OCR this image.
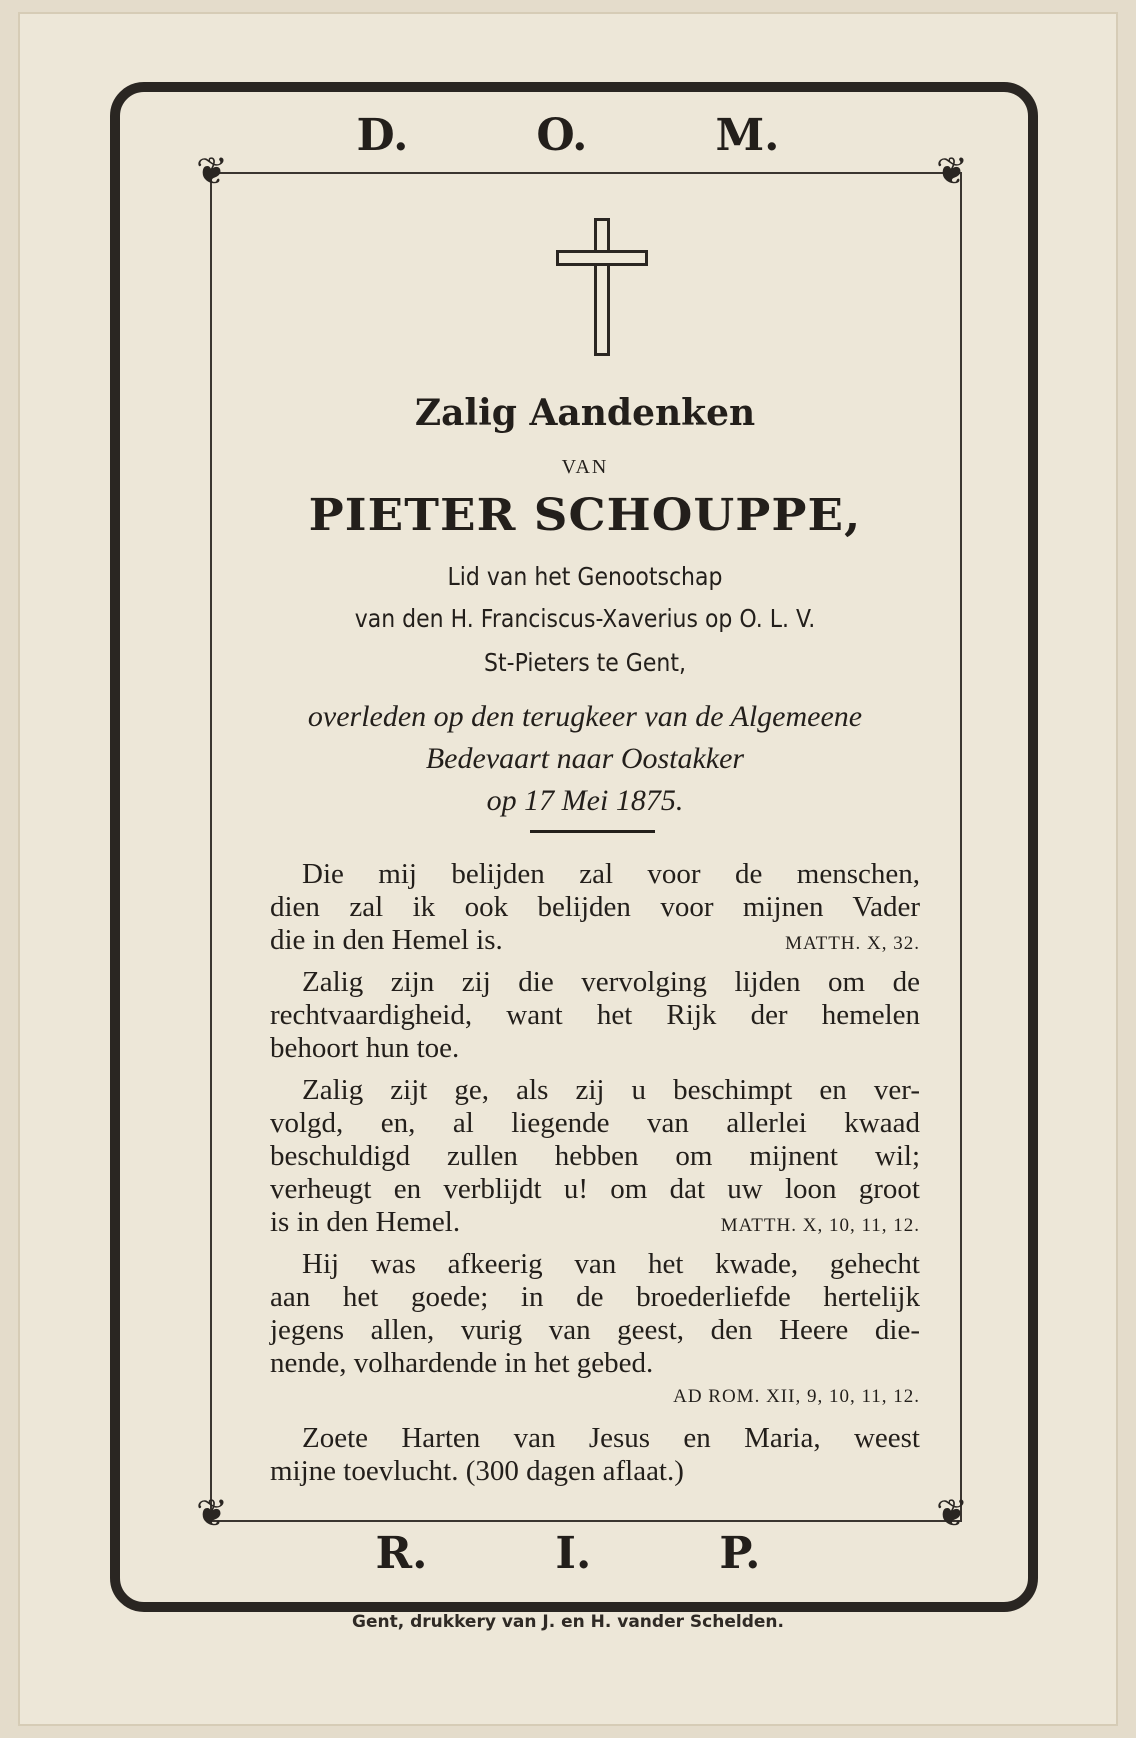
❦	❦
❦	❦
D.	O.	M.
Zalig Aandenken
VAN
PIETER SCHOUPPE,
Lid van het Genootschap
van den H. Franciscus-Xaverius op O. L. V.
St-Pieters te Gent,
overleden op den terugkeer van de Algemeene
Bedevaart naar Oostakker
op 17 Mei 1875.
Die mij belijden zal voor de menschen,
dien zal ik ook belijden voor mijnen Vader
die in den Hemel is.	MATTH. X, 32.
Zalig zijn zij die vervolging lijden om de
rechtvaardigheid, want het Rijk der hemelen
behoort hun toe.
Zalig zijt ge, als zij u beschimpt en ver-
volgd, en, al liegende van allerlei kwaad
beschuldigd zullen hebben om mijnent wil;
verheugt en verblijdt u! om dat uw loon groot
is in den Hemel.	MATTH. X, 10, 11, 12.
Hij was afkeerig van het kwade, gehecht
aan het goede; in de broederliefde hertelijk
jegens allen, vurig van geest, den Heere die-
nende, volhardende in het gebed.
AD ROM. XII, 9, 10, 11, 12.
Zoete Harten van Jesus en Maria, weest
mijne toevlucht. (300 dagen aflaat.)
R.	I.	P.
Gent, drukkery van J. en H. vander Schelden.
